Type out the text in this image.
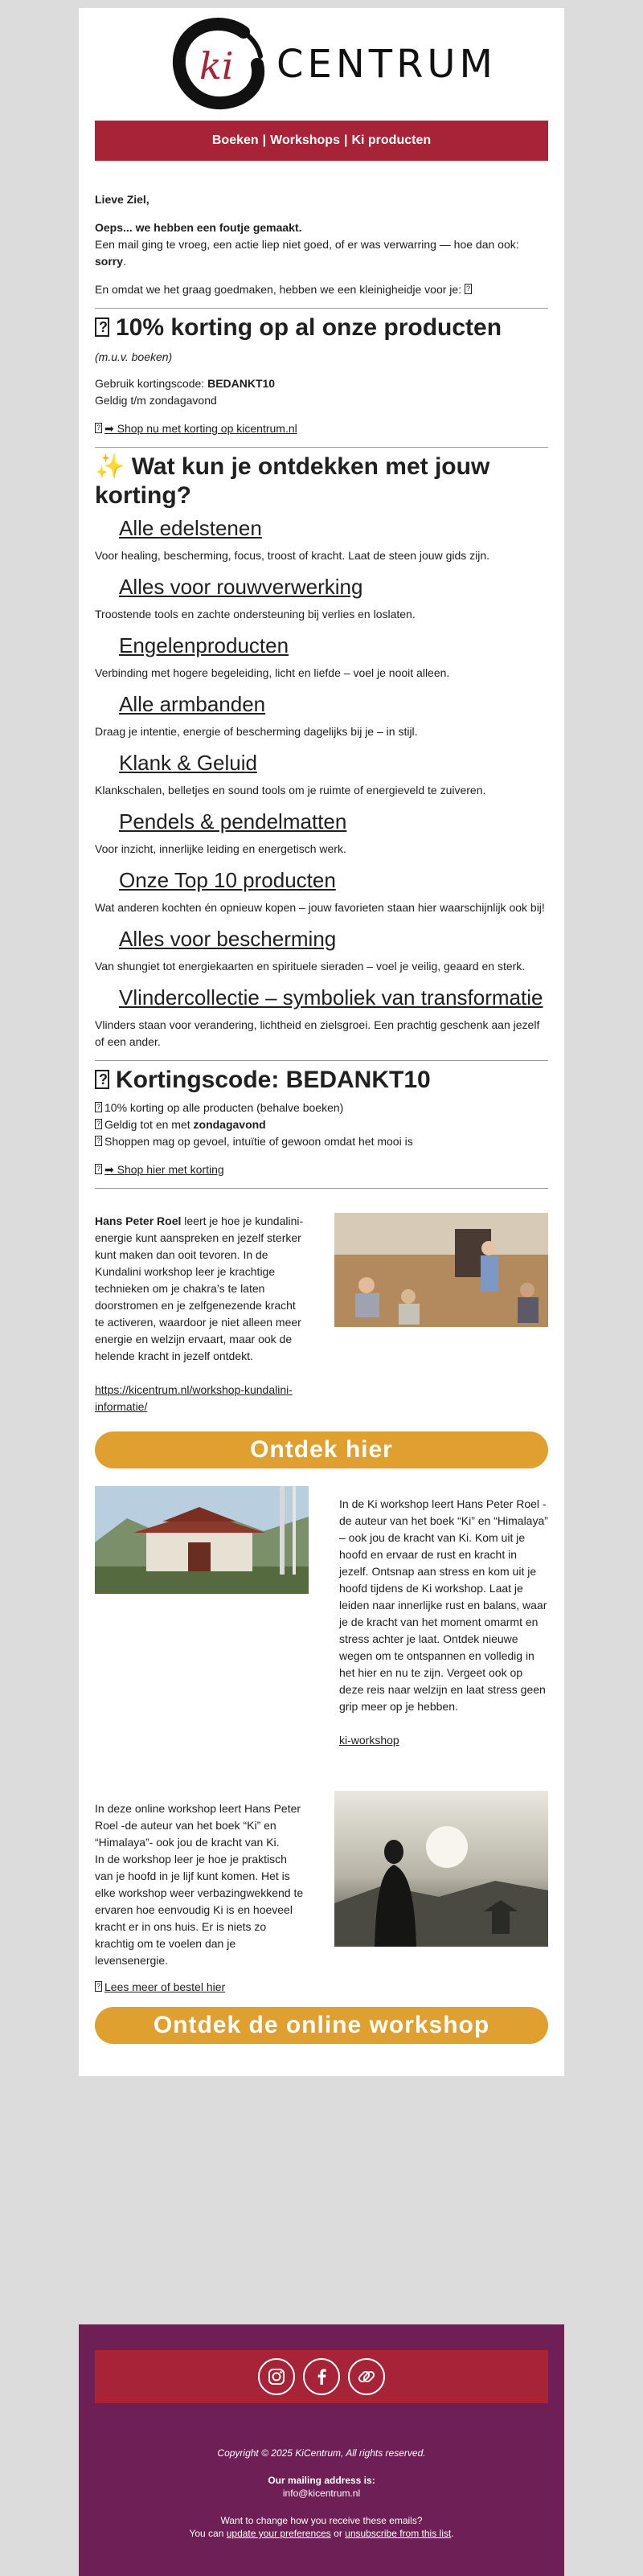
ki CENTRUM
Boeken | Workshops | Ki producten

Lieve Ziel,

Oeps... we hebben een foutje gemaakt.

Een mail ging te vroeg, een actie liep niet goed, of er was verwarring — hoe dan ook: sorry.

En omdat we het graag goedmaken, hebben we een kleinigheidje voor je: ?

?10% korting op al onze producten

(m.u.v. boeken)

Gebruik kortingscode: BEDANKT10

Geldig t/m zondagavond

?➡ Shop nu met korting op kicentrum.nl

✨ Wat kun je ontdekken met jouw korting?
Alle edelstenen

Voor healing, bescherming, focus, troost of kracht. Laat de steen jouw gids zijn.

Alles voor rouwverwerking

Troostende tools en zachte ondersteuning bij verlies en loslaten.

Engelenproducten

Verbinding met hogere begeleiding, licht en liefde – voel je nooit alleen.

Alle armbanden

Draag je intentie, energie of bescherming dagelijks bij je – in stijl.

Klank & Geluid

Klankschalen, belletjes en sound tools om je ruimte of energieveld te zuiveren.

Pendels & pendelmatten

Voor inzicht, innerlijke leiding en energetisch werk.

Onze Top 10 producten

Wat anderen kochten én opnieuw kopen – jouw favorieten staan hier waarschijnlijk ook bij!

Alles voor bescherming

Van shungiet tot energiekaarten en spirituele sieraden – voel je veilig, geaard en sterk.

Vlindercollectie – symboliek van transformatie

Vlinders staan voor verandering, lichtheid en zielsgroei. Een prachtig geschenk aan jezelf of een ander.

?Kortingscode: BEDANKT10

?10% korting op alle producten (behalve boeken)

?Geldig tot en met zondagavond

?Shoppen mag op gevoel, intuïtie of gewoon omdat het mooi is

?➡ Shop hier met korting

Hans Peter Roel leert je hoe je kundalini-energie kunt aanspreken en jezelf sterker kunt maken dan ooit tevoren. In de Kundalini workshop leer je krachtige technieken om je chakra’s te laten doorstromen en je zelfgenezende kracht te activeren, waardoor je niet alleen meer energie en welzijn ervaart, maar ook de helende kracht in jezelf ontdekt.

https://kicentrum.nl/workshop-kundalini-informatie/

Ontdek hier

In de Ki workshop leert Hans Peter Roel -de auteur van het boek “Ki” en “Himalaya” – ook jou de kracht van Ki. Kom uit je hoofd en ervaar de rust en kracht in jezelf. Ontsnap aan stress en kom uit je hoofd tijdens de Ki workshop. Laat je leiden naar innerlijke rust en balans, waar je de kracht van het moment omarmt en stress achter je laat. Ontdek nieuwe wegen om te ontspannen en volledig in het hier en nu te zijn. Vergeet ook op deze reis naar welzijn en laat stress geen grip meer op je hebben.

ki-workshop

In deze online workshop leert Hans Peter Roel -de auteur van het boek “Ki” en “Himalaya”- ook jou de kracht van Ki.

In de workshop leer je hoe je praktisch van je hoofd in je lijf kunt komen. Het is elke workshop weer verbazingwekkend te ervaren hoe eenvoudig Ki is en hoeveel kracht er in ons huis. Er is niets zo krachtig om te voelen dan je levensenergie.

?Lees meer of bestel hier

Ontdek de online workshop

Copyright © 2025 KiCentrum, All rights reserved.

Our mailing address is:

info@kicentrum.nl

Want to change how you receive these emails?

You can update your preferences or unsubscribe from this list.
